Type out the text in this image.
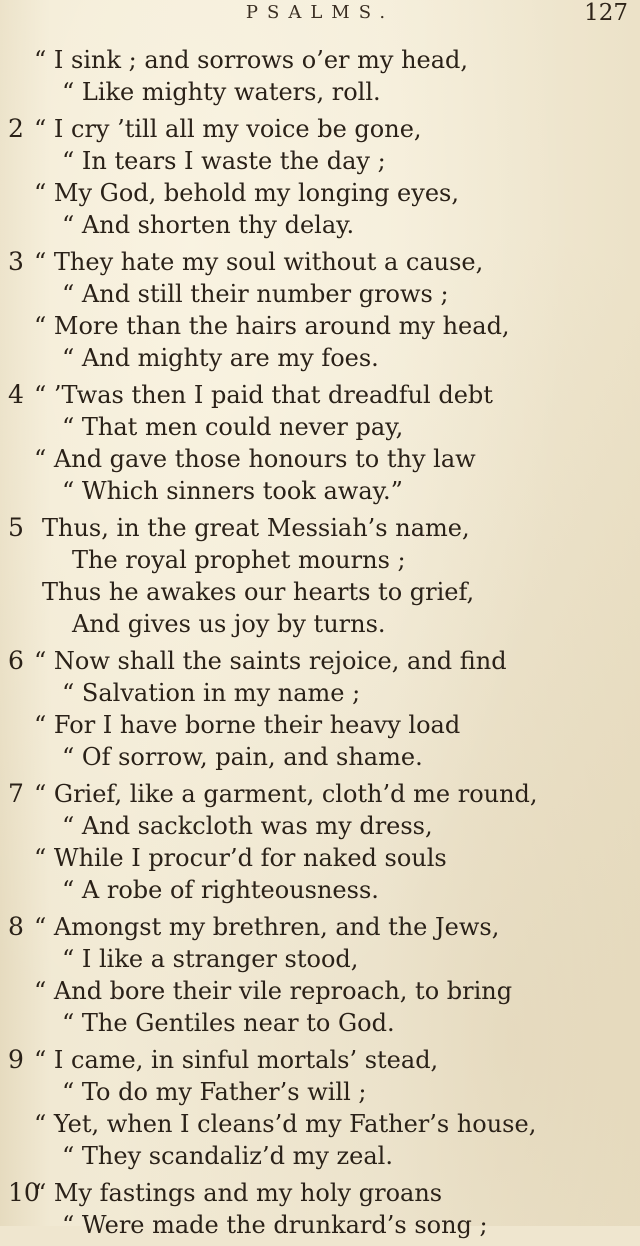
PSALMS.	127
“ I sink ; and sorrows o’er my head,
“ Like mighty waters, roll.
2 “ I cry ’till all my voice be gone,
“ In tears I waste the day ;
“ My God, behold my longing eyes,
“ And shorten thy delay.
3 “ They hate my soul without a cause,
“ And still their number grows ;
“ More than the hairs around my head,
“ And mighty are my foes.
4 “ ’Twas then I paid that dreadful debt
“ That men could never pay,
“ And gave those honours to thy law
“ Which sinners took away.”
5 Thus, in the great Messiah’s name,
The royal prophet mourns ;
Thus he awakes our hearts to grief,
And gives us joy by turns.
6 “ Now shall the saints rejoice, and find
“ Salvation in my name ;
“ For I have borne their heavy load
“ Of sorrow, pain, and shame.
7 “ Grief, like a garment, cloth’d me round,
“ And sackcloth was my dress,
“ While I procur’d for naked souls
“ A robe of righteousness.
8 “ Amongst my brethren, and the Jews,
“ I like a stranger stood,
“ And bore their vile reproach, to bring
“ The Gentiles near to God.
9 “ I came, in sinful mortals’ stead,
“ To do my Father’s will ;
“ Yet, when I cleans’d my Father’s house,
“ They scandaliz’d my zeal.
10
“ My fastings and my holy groans
“ Were made the drunkard’s song ;
